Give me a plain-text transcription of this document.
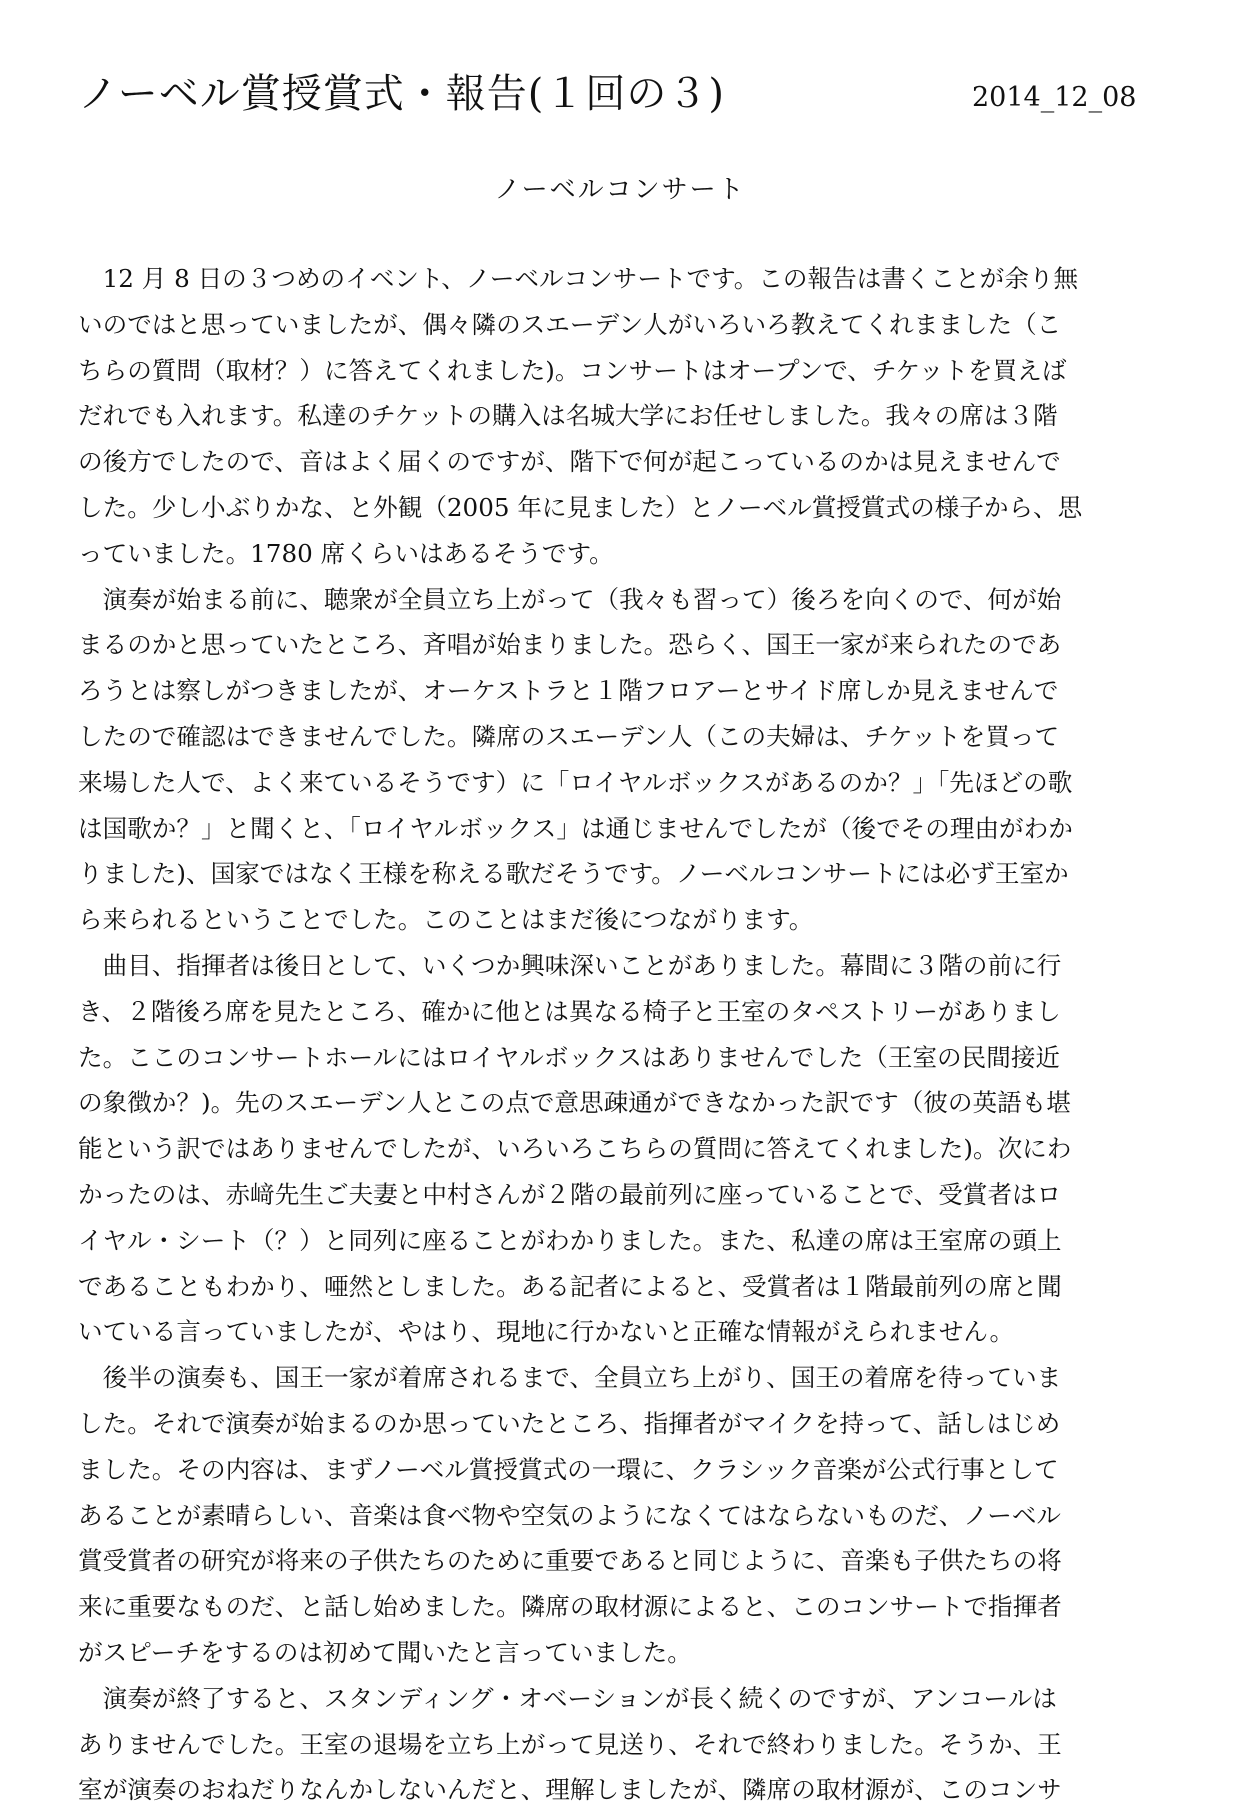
ノーベル賞授賞式・報告(１回の３)	2014_12_08
ノーベルコンサート
　12 月 8 日の３つめのイベント、ノーベルコンサートです。この報告は書くことが余り無
いのではと思っていましたが、偶々隣のスエーデン人がいろいろ教えてくれまました（こ
ちらの質問（取材？）に答えてくれました)。コンサートはオープンで、チケットを買えば
だれでも入れます。私達のチケットの購入は名城大学にお任せしました。我々の席は３階
の後方でしたので、音はよく届くのですが、階下で何が起こっているのかは見えませんで
した。少し小ぶりかな、と外観（2005 年に見ました）とノーベル賞授賞式の様子から、思
っていました。1780 席くらいはあるそうです。
　演奏が始まる前に、聴衆が全員立ち上がって（我々も習って）後ろを向くので、何が始
まるのかと思っていたところ、斉唱が始まりました。恐らく、国王一家が来られたのであ
ろうとは察しがつきましたが、オーケストラと１階フロアーとサイド席しか見えませんで
したので確認はできませんでした。隣席のスエーデン人（この夫婦は、チケットを買って
来場した人で、よく来ているそうです）に「ロイヤルボックスがあるのか？」「先ほどの歌
は国歌か？」と聞くと、「ロイヤルボックス」は通じませんでしたが（後でその理由がわか
りました)、国家ではなく王様を称える歌だそうです。ノーベルコンサートには必ず王室か
ら来られるということでした。このことはまだ後につながります。
　曲目、指揮者は後日として、いくつか興味深いことがありました。幕間に３階の前に行
き、２階後ろ席を見たところ、確かに他とは異なる椅子と王室のタペストリーがありまし
た。ここのコンサートホールにはロイヤルボックスはありませんでした（王室の民間接近
の象徴か？)。先のスエーデン人とこの点で意思疎通ができなかった訳です（彼の英語も堪
能という訳ではありませんでしたが、いろいろこちらの質問に答えてくれました)。次にわ
かったのは、赤﨑先生ご夫妻と中村さんが２階の最前列に座っていることで、受賞者はロ
イヤル・シート（？）と同列に座ることがわかりました。また、私達の席は王室席の頭上
であることもわかり、唖然としました。ある記者によると、受賞者は１階最前列の席と聞
いている言っていましたが、やはり、現地に行かないと正確な情報がえられません。
　後半の演奏も、国王一家が着席されるまで、全員立ち上がり、国王の着席を待っていま
した。それで演奏が始まるのか思っていたところ、指揮者がマイクを持って、話しはじめ
ました。その内容は、まずノーベル賞授賞式の一環に、クラシック音楽が公式行事として
あることが素晴らしい、音楽は食べ物や空気のようになくてはならないものだ、ノーベル
賞受賞者の研究が将来の子供たちのために重要であると同じように、音楽も子供たちの将
来に重要なものだ、と話し始めました。隣席の取材源によると、このコンサートで指揮者
がスピーチをするのは初めて聞いたと言っていました。
　演奏が終了すると、スタンディング・オベーションが長く続くのですが、アンコールは
ありませんでした。王室の退場を立ち上がって見送り、それで終わりました。そうか、王
室が演奏のおねだりなんかしないんだと、理解しましたが、隣席の取材源が、このコンサ
